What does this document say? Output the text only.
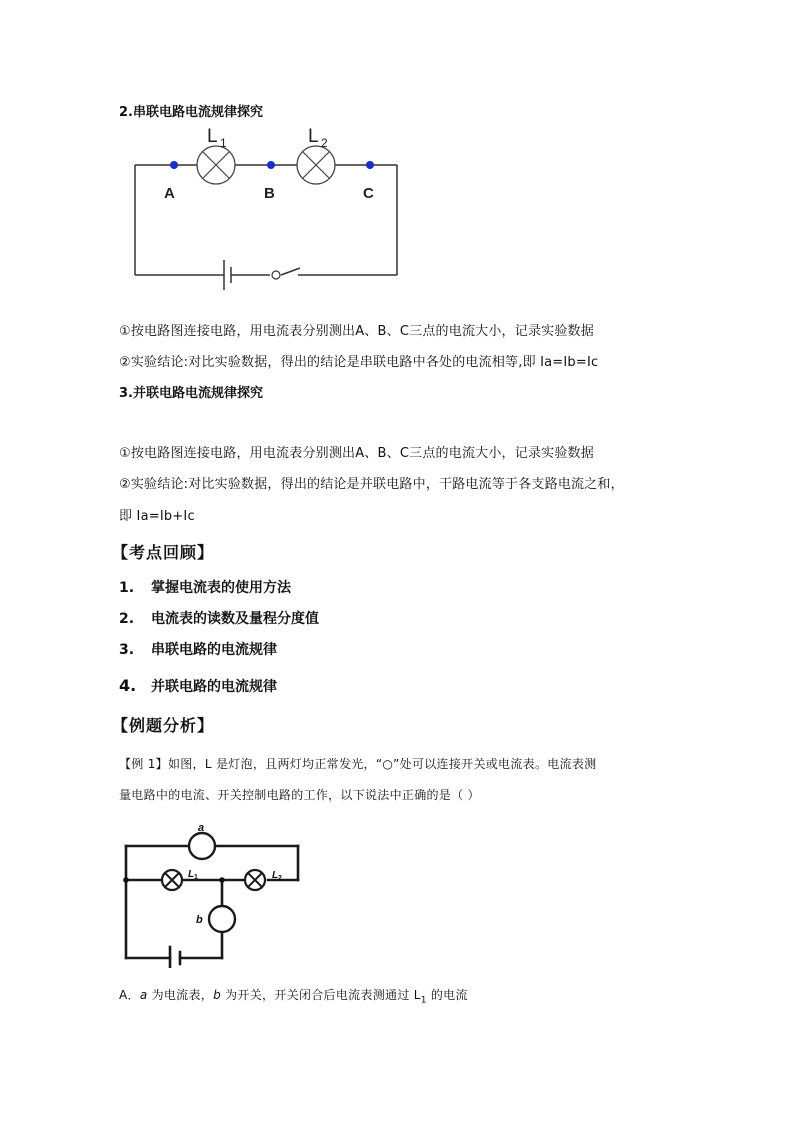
2.串联电路电流规律探究
L 1	L 2
A	B	C
①按电路图连接电路，用电流表分别测出A、B、C三点的电流大小，记录实验数据
②实验结论:对比实验数据，得出的结论是串联电路中各处的电流相等,即 Ia=Ib=Ic
3.并联电路电流规律探究
①按电路图连接电路，用电流表分别测出A、B、C三点的电流大小，记录实验数据
②实验结论:对比实验数据，得出的结论是并联电路中，干路电流等于各支路电流之和，
即 Ia=Ib+Ic
【考点回顾】
1. 掌握电流表的使用方法
2. 电流表的读数及量程分度值
3. 串联电路的电流规律
4. 并联电路的电流规律
【例题分析】
【例 1】如图，L 是灯泡，且两灯均正常发光，“○”处可以连接开关或电流表。电流表测
量电路中的电流、开关控制电路的工作，以下说法中正确的是（ ）
a
b
L 1	L 2
A．a 为电流表，b 为开关，开关闭合后电流表测通过 $L_1$ 的电流
